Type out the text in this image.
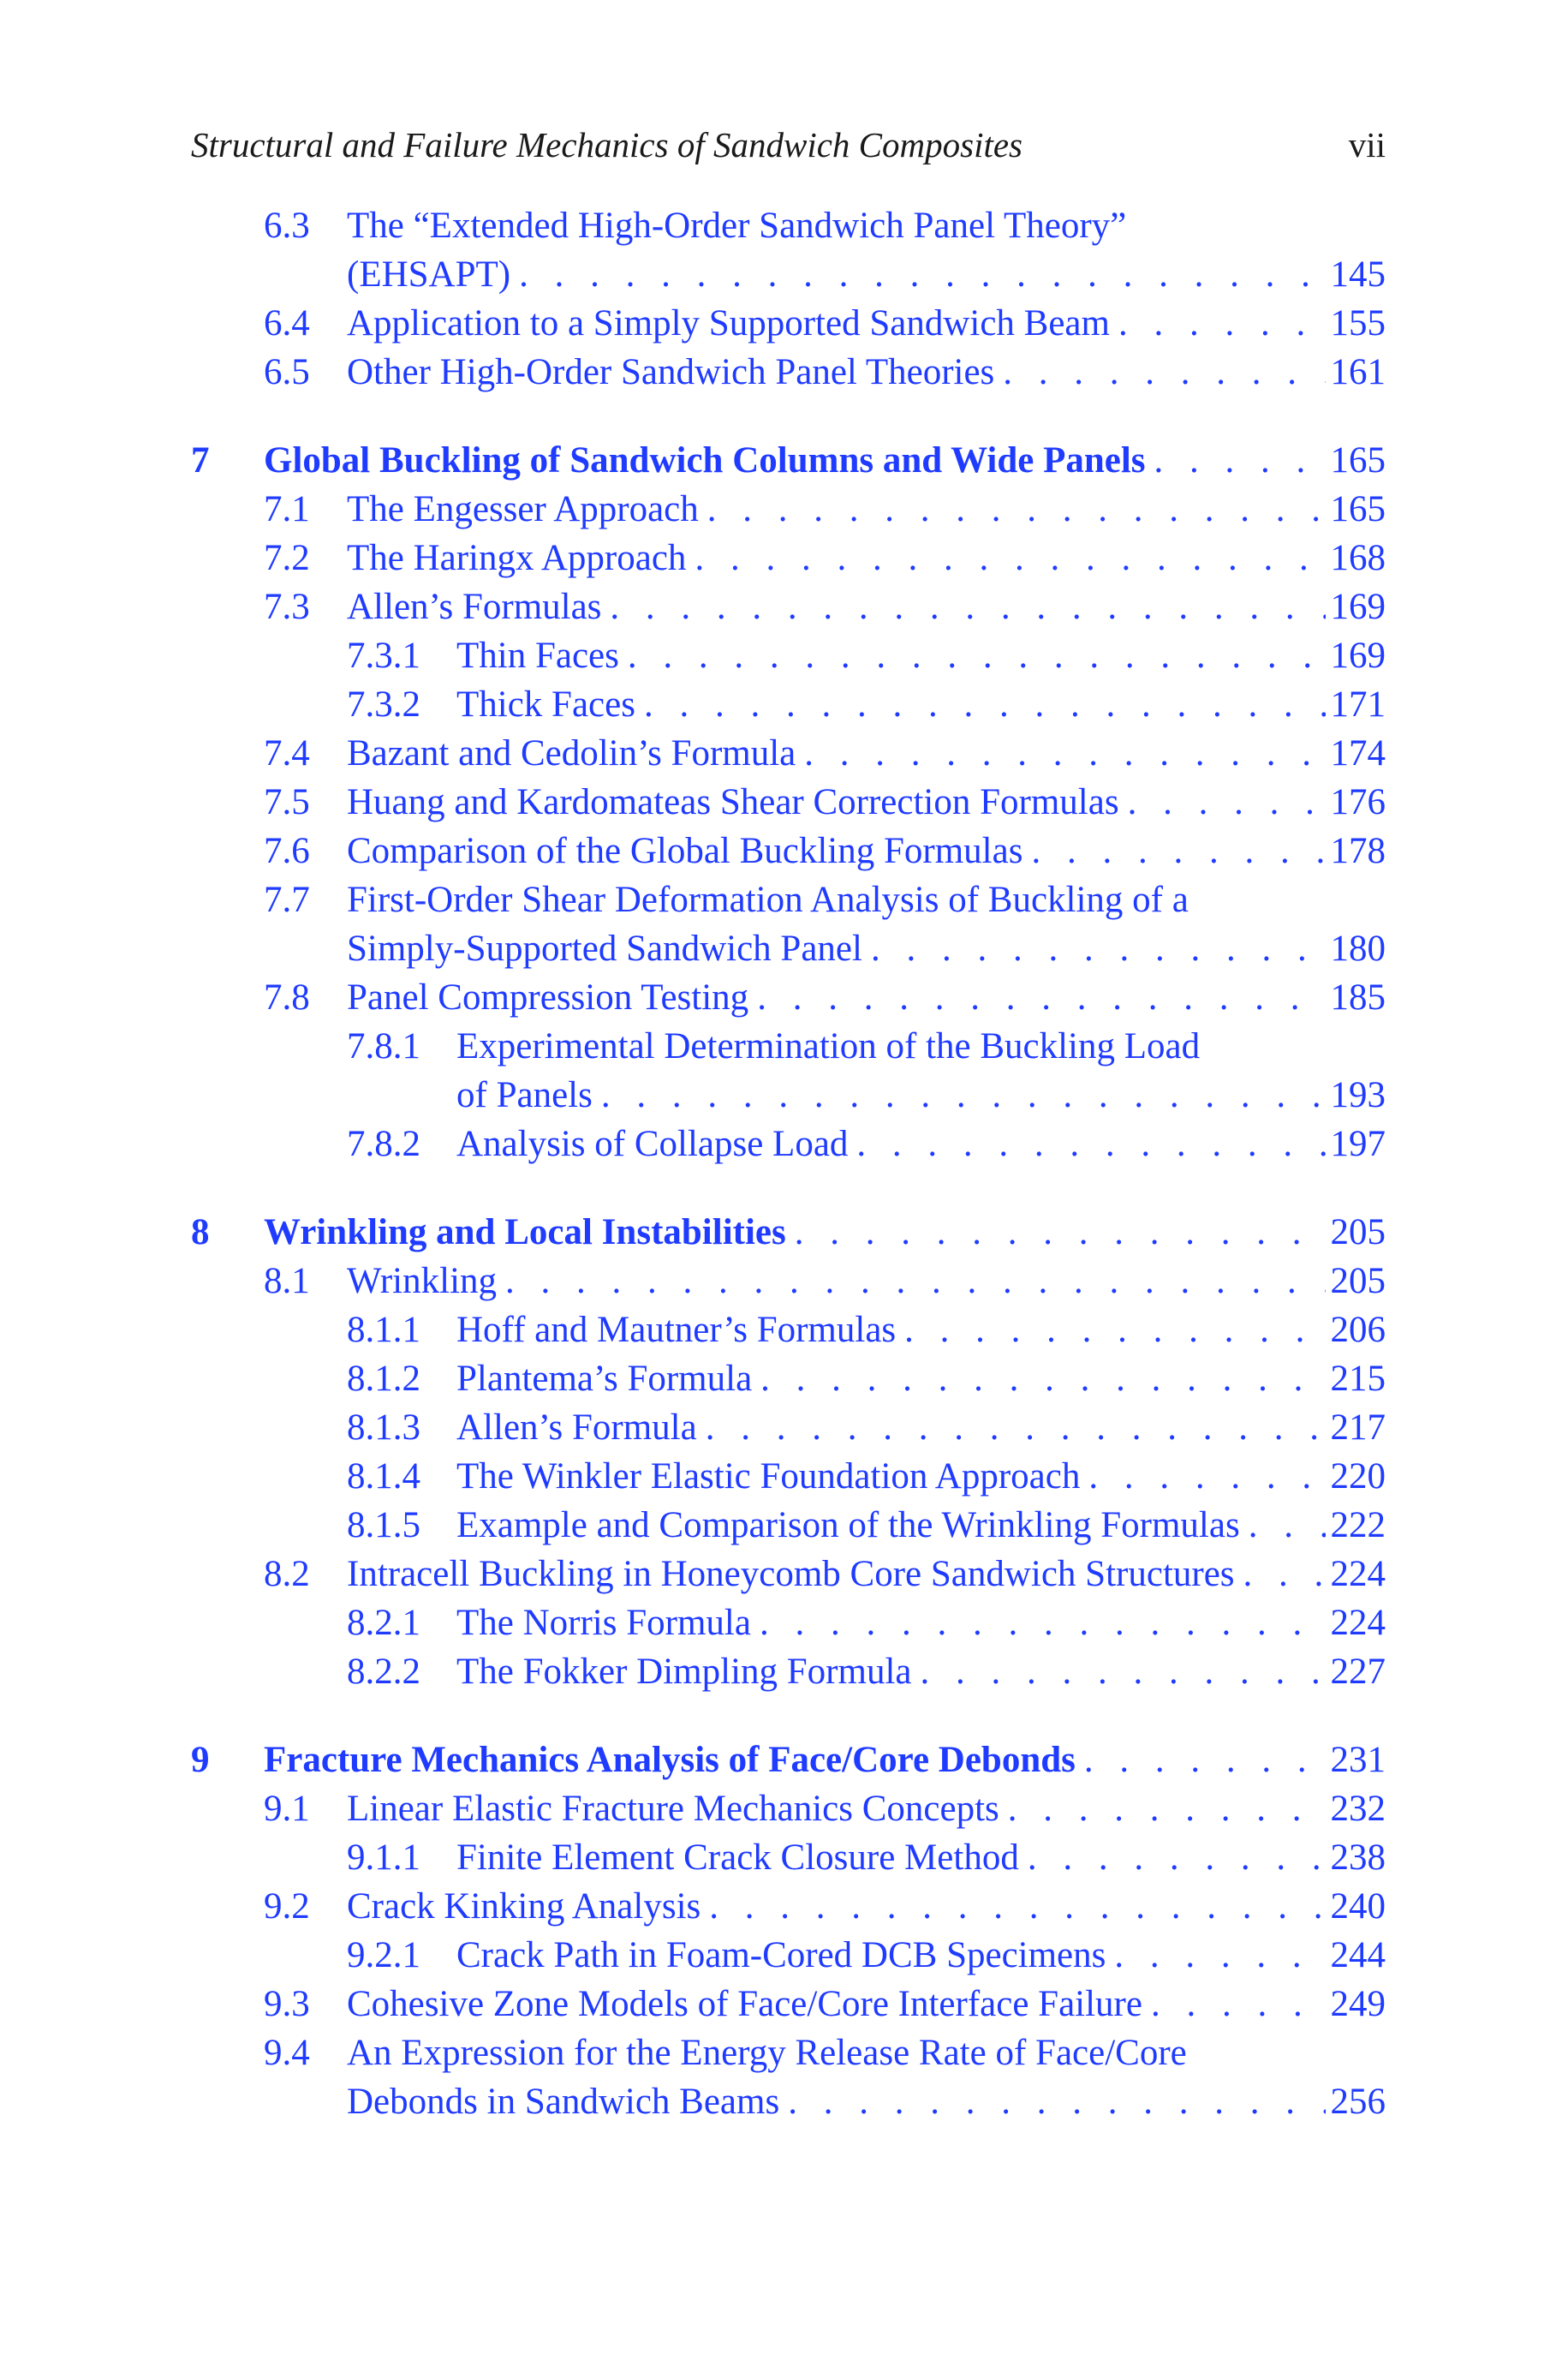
Structural and Failure Mechanics of Sandwich Composites	vii
6.3 The “Extended High-Order Sandwich Panel Theory”
(EHSAPT) . . .	145
6.4 Application to a Simply Supported Sandwich Beam . . .	155
6.5 Other High-Order Sandwich Panel Theories . . .	161
7 Global Buckling of Sandwich Columns and Wide Panels . . .	165
7.1 The Engesser Approach . . .	165
7.2 The Haringx Approach . . .	168
7.3 Allen’s Formulas . . .	169
7.3.1 Thin Faces . . .	169
7.3.2 Thick Faces . . .	171
7.4 Bazant and Cedolin’s Formula . . .	174
7.5 Huang and Kardomateas Shear Correction Formulas . . .	176
7.6 Comparison of the Global Buckling Formulas . . .	178
7.7 First-Order Shear Deformation Analysis of Buckling of a
Simply-Supported Sandwich Panel . . .	180
7.8 Panel Compression Testing . . .	185
7.8.1 Experimental Determination of the Buckling Load
of Panels . . .	193
7.8.2 Analysis of Collapse Load . . .	197
8 Wrinkling and Local Instabilities . . .	205
8.1 Wrinkling . . .	205
8.1.1 Hoff and Mautner’s Formulas . . .	206
8.1.2 Plantema’s Formula . . .	215
8.1.3 Allen’s Formula . . .	217
8.1.4 The Winkler Elastic Foundation Approach . . .	220
8.1.5 Example and Comparison of the Wrinkling Formulas . . . 222
8.2 Intracell Buckling in Honeycomb Core Sandwich Structures . . .	224
8.2.1 The Norris Formula . . .	224
8.2.2 The Fokker Dimpling Formula . . .	227
9 Fracture Mechanics Analysis of Face/Core Debonds . . .	231
9.1 Linear Elastic Fracture Mechanics Concepts . . .	232
9.1.1 Finite Element Crack Closure Method . . .	238
9.2 Crack Kinking Analysis . . .	240
9.2.1 Crack Path in Foam-Cored DCB Specimens . . .	244
9.3 Cohesive Zone Models of Face/Core Interface Failure . . .	249
9.4 An Expression for the Energy Release Rate of Face/Core
Debonds in Sandwich Beams . . .	256
